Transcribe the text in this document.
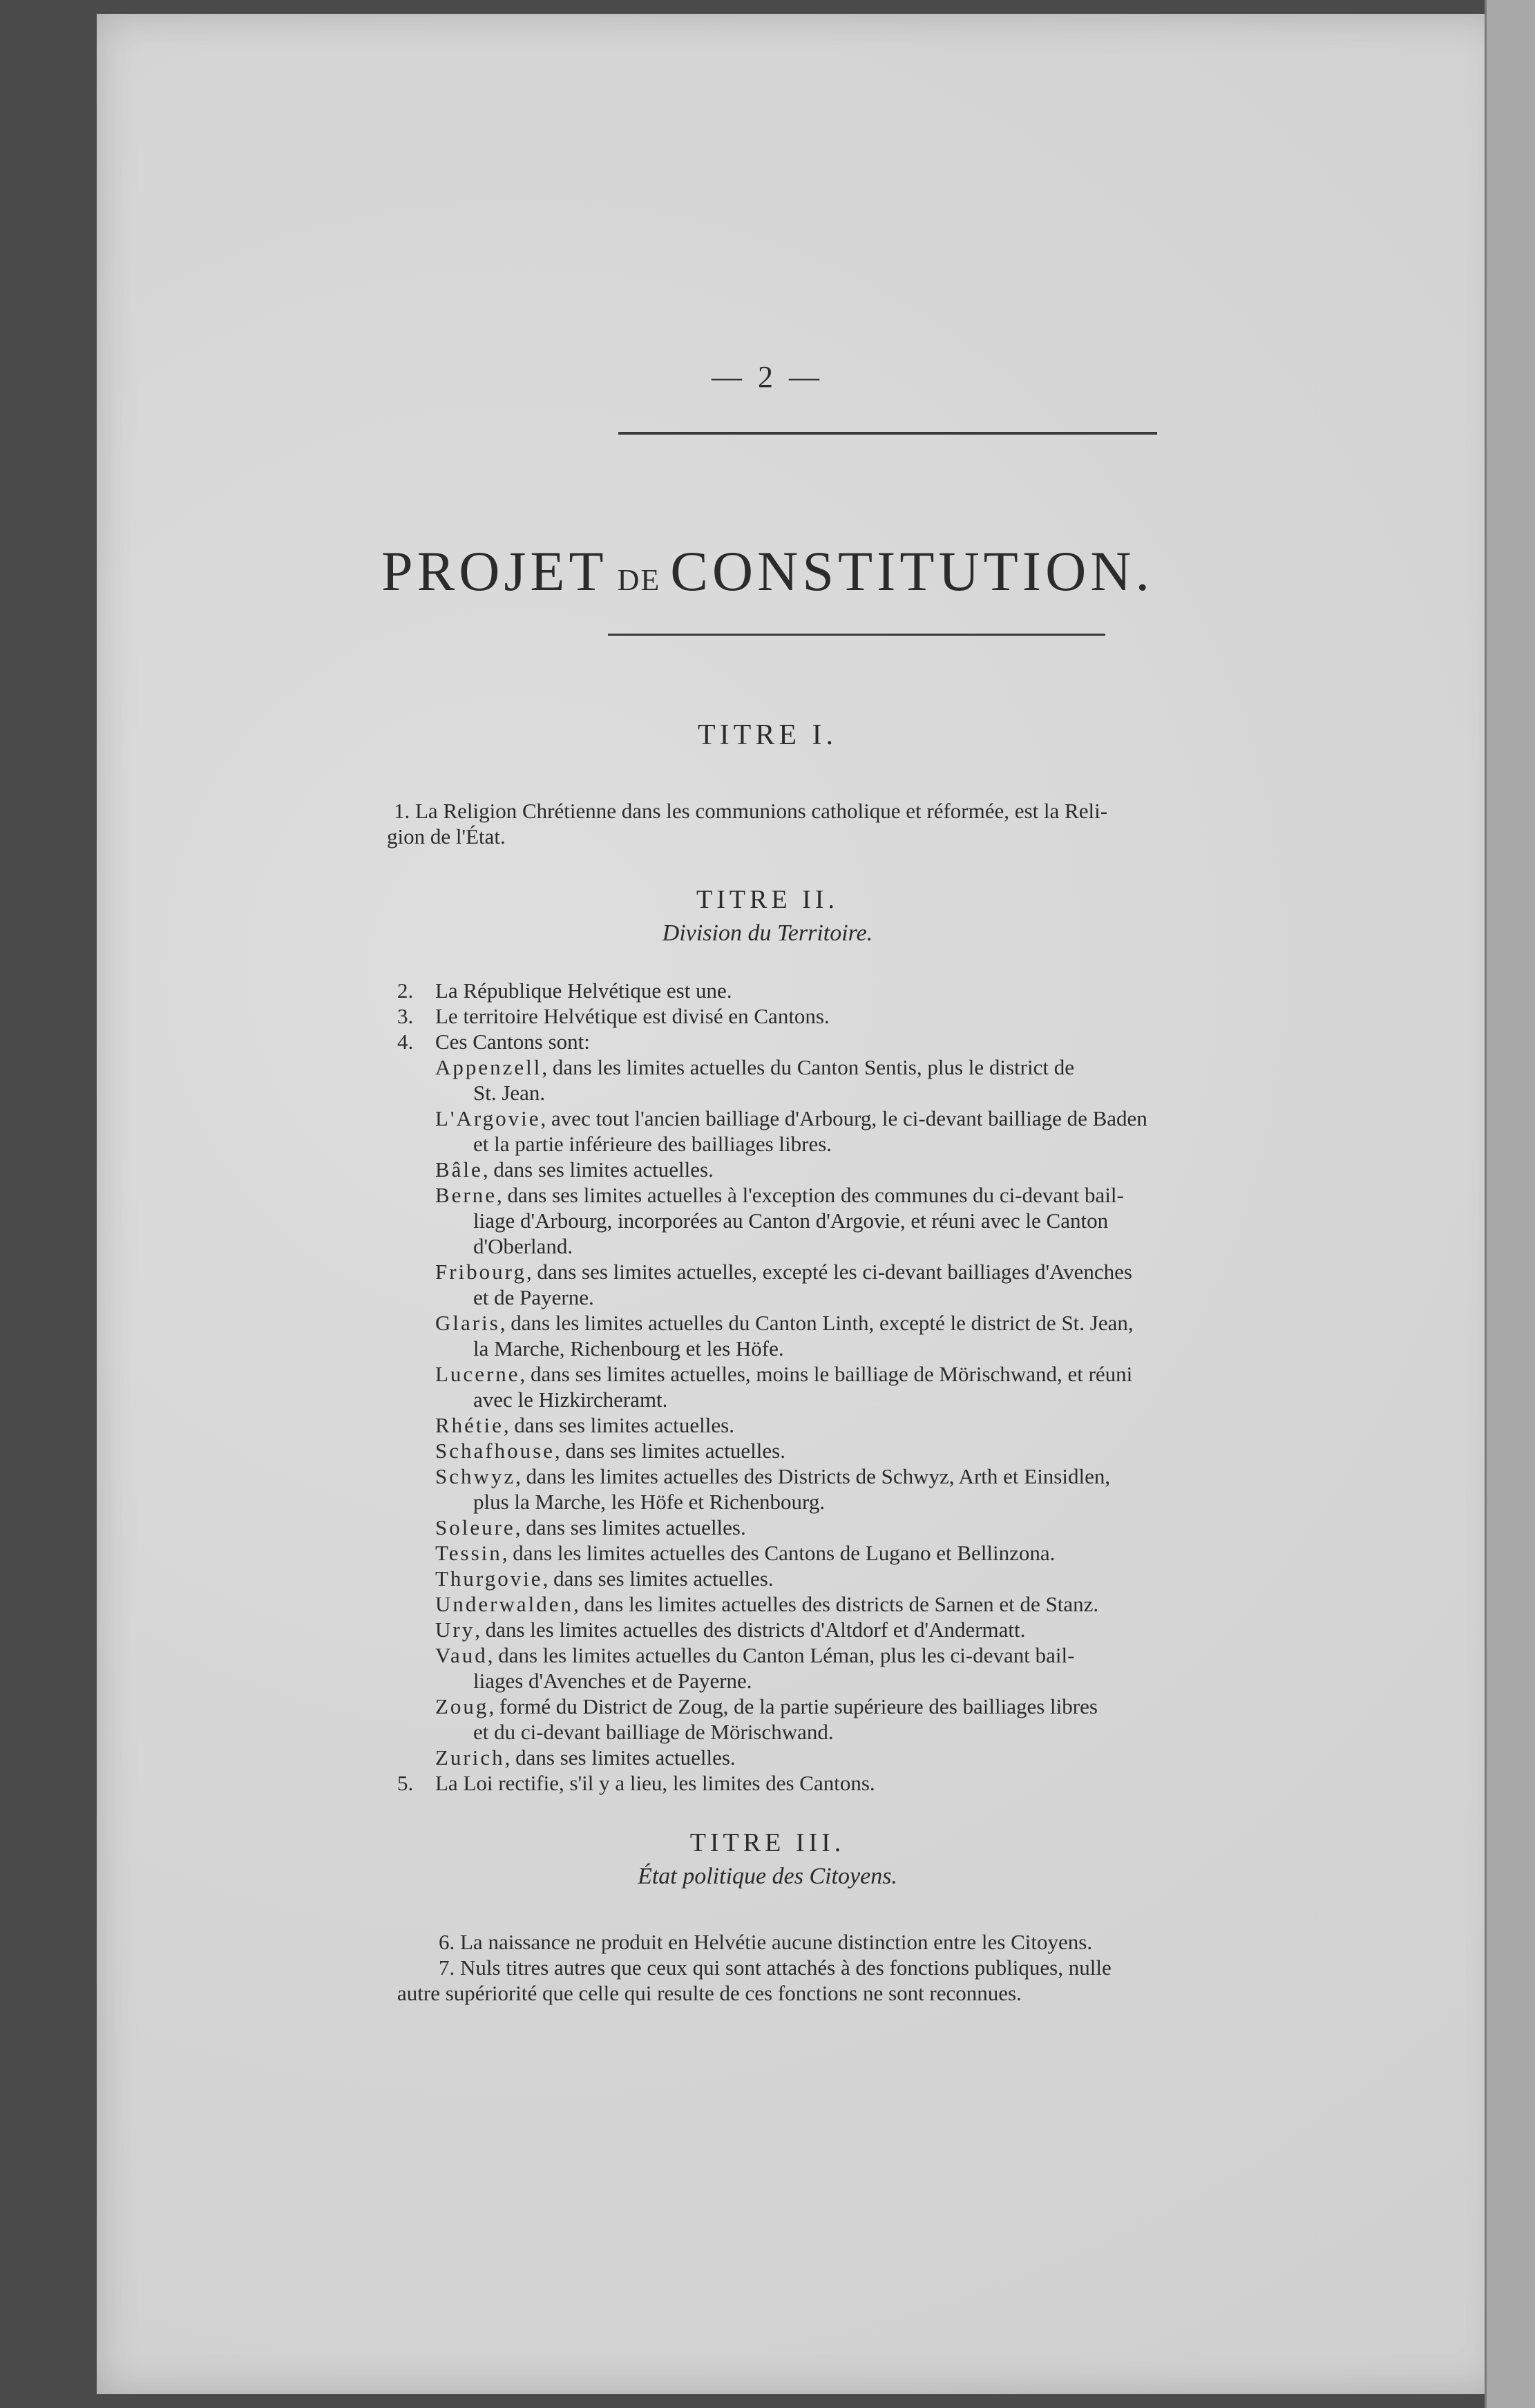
— 2 —
PROJET DE CONSTITUTION.
TITRE I.
1. La Religion Chrétienne dans les communions catholique et réformée, est la Reli-
gion de l'État.
TITRE II.
Division du Territoire.
2. La République Helvétique est une.
3. Le territoire Helvétique est divisé en Cantons.
4. Ces Cantons sont:
Appenzell, dans les limites actuelles du Canton Sentis, plus le district de
St. Jean.
L'Argovie, avec tout l'ancien bailliage d'Arbourg, le ci-devant bailliage de Baden
et la partie inférieure des bailliages libres.
Bâle, dans ses limites actuelles.
Berne, dans ses limites actuelles à l'exception des communes du ci-devant bail-
liage d'Arbourg, incorporées au Canton d'Argovie, et réuni avec le Canton
d'Oberland.
Fribourg, dans ses limites actuelles, excepté les ci-devant bailliages d'Avenches
et de Payerne.
Glaris, dans les limites actuelles du Canton Linth, excepté le district de St. Jean,
la Marche, Richenbourg et les Höfe.
Lucerne, dans ses limites actuelles, moins le bailliage de Mörischwand, et réuni
avec le Hizkircheramt.
Rhétie, dans ses limites actuelles.
Schafhouse, dans ses limites actuelles.
Schwyz, dans les limites actuelles des Districts de Schwyz, Arth et Einsidlen,
plus la Marche, les Höfe et Richenbourg.
Soleure, dans ses limites actuelles.
Tessin, dans les limites actuelles des Cantons de Lugano et Bellinzona.
Thurgovie, dans ses limites actuelles.
Underwalden, dans les limites actuelles des districts de Sarnen et de Stanz.
Ury, dans les limites actuelles des districts d'Altdorf et d'Andermatt.
Vaud, dans les limites actuelles du Canton Léman, plus les ci-devant bail-
liages d'Avenches et de Payerne.
Zoug, formé du District de Zoug, de la partie supérieure des bailliages libres
et du ci-devant bailliage de Mörischwand.
Zurich, dans ses limites actuelles.
5. La Loi rectifie, s'il y a lieu, les limites des Cantons.
TITRE III.
État politique des Citoyens.
6. La naissance ne produit en Helvétie aucune distinction entre les Citoyens.
7. Nuls titres autres que ceux qui sont attachés à des fonctions publiques, nulle
autre supériorité que celle qui resulte de ces fonctions ne sont reconnues.
